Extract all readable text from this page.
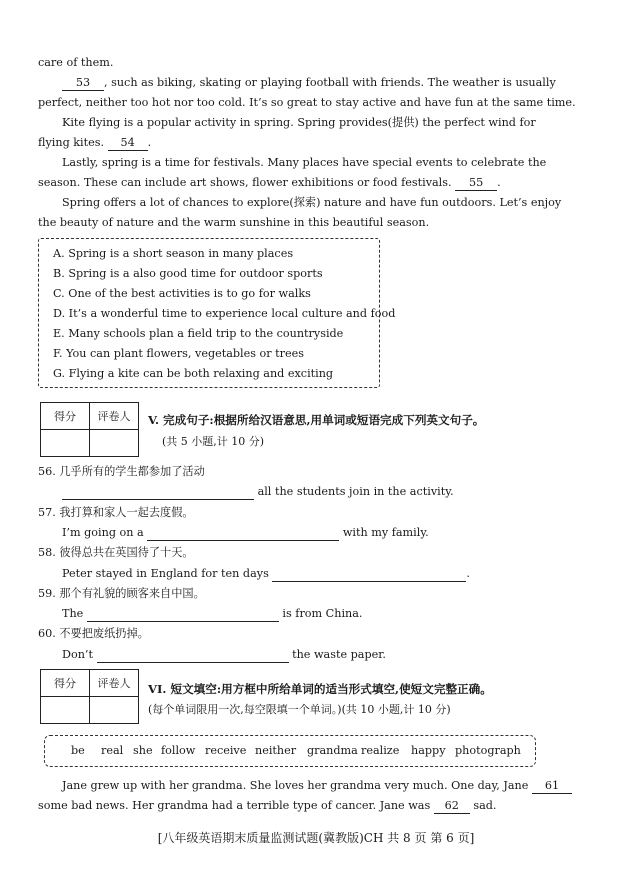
care of them.
53 , such as biking, skating or playing football with friends. The weather is usually
perfect, neither too hot nor too cold. It’s so great to stay active and have fun at the same time.
Kite flying is a popular activity in spring. Spring provides(提供) the perfect wind for
flying kites. 54 .
Lastly, spring is a time for festivals. Many places have special events to celebrate the
season. These can include art shows, flower exhibitions or food festivals. 55 .
Spring offers a lot of chances to explore(探索) nature and have fun outdoors. Let’s enjoy
the beauty of nature and the warm sunshine in this beautiful season.
A. Spring is a short season in many places
B. Spring is a also good time for outdoor sports
C. One of the best activities is to go for walks
D. It’s a wonderful time to experience local culture and food
E. Many schools plan a field trip to the countryside
F. You can plant flowers, vegetables or trees
G. Flying a kite can be both relaxing and exciting
得分	评卷人
	V. 完成句子:根据所给汉语意思,用单词或短语完成下列英文句子。
(共 5 小题,计 10 分)
56. 几乎所有的学生都参加了活动
all the students join in the activity.
57. 我打算和家人一起去度假。
I’m going on a	with my family.
58. 彼得总共在英国待了十天。
Peter stayed in England for ten days	.
59. 那个有礼貌的顾客来自中国。
The	is from China.
60. 不要把废纸扔掉。
Don’t	the waste paper.
得分	评卷人
	VI. 短文填空:用方框中所给单词的适当形式填空,使短文完整正确。
(每个单词限用一次,每空限填一个单词。)(共 10 小题,计 10 分)
be real she follow receive neither grandma realize happy photograph
Jane grew up with her grandma. She loves her grandma very much. One day, Jane 61
some bad news. Her grandma had a terrible type of cancer. Jane was 62 sad.
[八年级英语期末质量监测试题(冀教版)CH 共 8 页 第 6 页]
